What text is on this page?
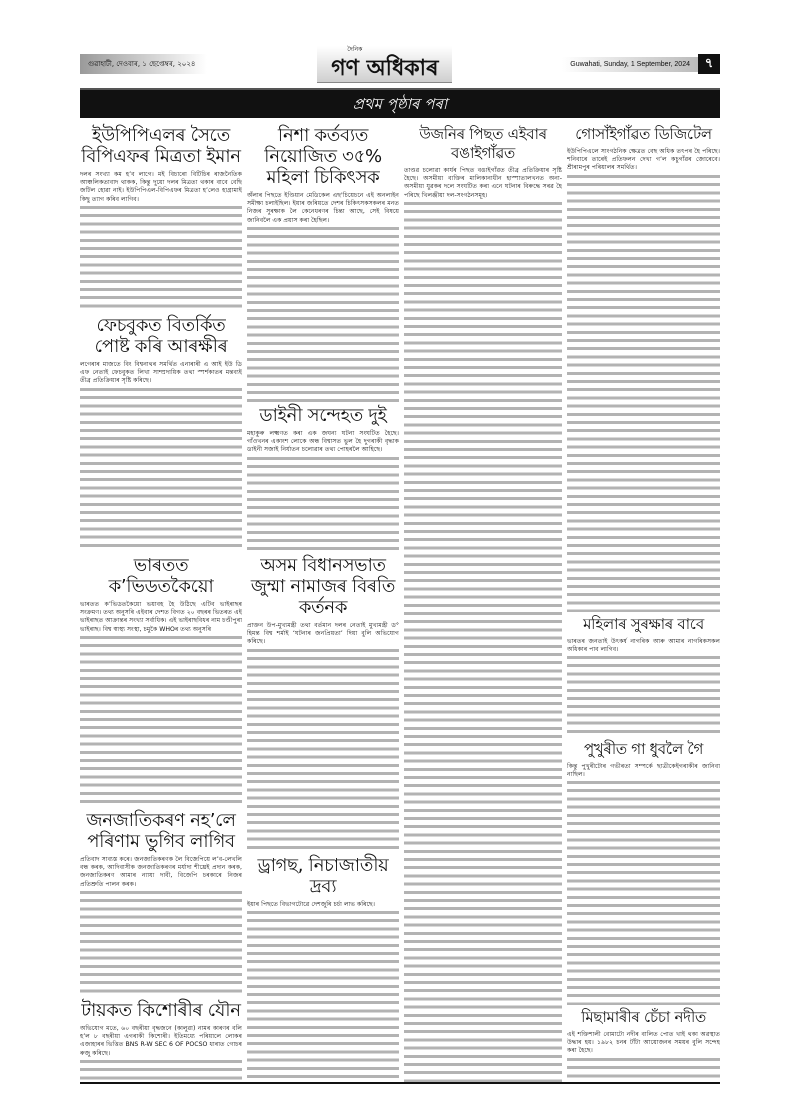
গুৱাহাটী, দেওবাৰ, ১ ছেপ্তেম্বৰ, ২০২৪
দৈনিক
গণ অধিকাৰ	Guwahati, Sunday, 1 September, 2024	৭
প্ৰথম পৃষ্ঠাৰ পৰা
ইউপিপিএলৰ সৈতে বিপিএফৰ মিত্ৰতা ইমান

দলৰ সংখ্যা কম হ’ব লাগে। মই বিচাৰো বিটিচিৰ ৰাজনৈতিক আঞ্চলিকতাবাদ থাকক, কিন্তু দুয়ো দলৰ মিত্ৰতা থকাৰ বাবে বেছি জটিল হোৱা নাই। ইউপিপিএল-বিপিএফৰ মিত্ৰতা হ’লেও হাগ্ৰামাই কিছু ত্যাগ কৰিব লাগিব।

ফেচবুকত বিতৰ্কিত পোষ্ট কৰি আৰক্ষীৰ

লগেৰাৰ মাজতে বিং বিশ্বনাথৰ সমৰ্থিত এনাৰাৰী এ আই ইউ ডি এফ নেতাই ফেচবুকত লিখা সাম্প্ৰদায়িক তথা স্পৰ্শকাতৰ মন্তব্যই তীব্ৰ প্ৰতিক্ৰিয়াৰ সৃষ্টি কৰিছে।

ভাৰতত ক’ভিডতকৈয়ো

ভাৰতত ক’ভিডতকৈয়ো ভয়াবহ হৈ উঠিছে এটিব ভাইৰাছৰ সংক্ৰমণ। তথ্য অনুসৰি এইবাৰ দেশত বিগত ২০ বছৰৰ ভিতৰত এই ভাইৰাছত আক্ৰান্তৰ সংখ্যা সৰ্বাধিক। এই ভাইৰাছবিধৰ নাম চণ্ডীপুৰা ভাইৰাছ। বিশ্ব স্বাস্থ্য সংস্থা, চমুকৈ WHOৰ তথ্য অনুসৰি

জনজাতিকৰণ নহ’লে পৰিণাম ভুগিব লাগিব

প্ৰতিবাদ সাব্যস্ত কৰে। জনজাতিকৰণক লৈ বিজেপিয়ে ল’ব-লেখলি বন্ধ কৰক, আদিবাসীক জনজাতিকৰণৰ মৰ্যাদা শীঘ্ৰেই প্ৰদান কৰক, জনজাতিকৰণ আমাৰ ন্যায্য দাবী, বিজেপি চৰকাৰে নিজৰ প্ৰতিশ্ৰুতি পালন কৰক।

টায়কত কিশোৰীৰ যৌন

অভিযোগ মতে, ৬০ বছৰীয়া বৃদ্ধজনে (কালুৱা) নামৰ কাৰণৰ বলি হ’ল ৮ বছৰীয়া এগৰাকী কিশোৰী। ইতিমধ্যে পৰিয়ালে লোকৰ এজাহাৰৰ ভিত্তিত BNS R-W SEC 6 OF POCSO ধাৰাত গোচৰ ৰুজু কৰিছে।

নিশা কৰ্তব্যত নিয়োজিত ৩৫% মহিলা চিকিৎসক

অঁলাৰ পিছতে ইণ্ডিয়ান মেডিকেল এছ'চিয়েচনে এই অনলাইন সমীক্ষা চলাইছিল। ইয়াৰ জৰিয়তে দেশৰ চিকিৎসকসকলৰ মনত নিজৰ সুৰক্ষাক লৈ কেনেধৰণৰ চিন্তা আছে, সেই বিষয়ে জানিবলৈ এক প্ৰয়াস কৰা হৈছিল।

ডাইনী সন্দেহত দুই

মহাকুৰু লক্ষ্মণত কৰা এক জঘন্য ঘটনা সংঘটিত হৈছে। গাঁওখনৰ একাংশ লোকে অন্ধ বিশ্বাসত ভুল হৈ দুগৰাকী বৃদ্ধাক ডাইনী সজাই নিৰ্যাতন চলোৱাৰ তথ্য পোহৰলৈ আহিছে।

অসম বিধানসভাত জুম্মা নামাজৰ বিৰতি কৰ্তনক

প্ৰাক্তন উপ-মুখ্যমন্ত্ৰী তথা বৰ্তমান দলৰ নেতাই মুখ্যমন্ত্ৰী ড° হিমন্ত বিশ্ব শৰ্মাই ‘ঘটনাৰ জনপ্ৰিয়তা’ দিয়া বুলি অভিযোগ কৰিছে।

ড্ৰাগছ, নিচাজাতীয় দ্ৰব্য

ইয়াৰ পিছতে বিভাগটোৱে দেশজুৰি চৰ্চা লাভ কৰিছে।

উজনিৰ পিছত এইবাৰ বঙাইগাঁৱত

তাণ্ডৱ চলোৱা কাৰ্যৰ পিছত বঙাইগাঁৱত তীব্ৰ প্ৰতিক্ৰিয়াৰ সৃষ্টি হৈছে। অসমীয়া ব্যক্তিৰ মালিকানাধীন হাস্পাতালখনত অনা-অসমীয়া যুৱকৰ দলে সংঘটিত কৰা এনে ঘটনাৰ বিৰুদ্ধে সৰৱ হৈ পৰিছে খিলঞ্জীয়া দল-সংগঠনসমূহ।

গোসাঁইগাঁৱত ডিজিটেল

ইউপিপিএলে সাংগঠনিক ক্ষেত্ৰত বেছ অধিক তৎপৰ হৈ পৰিছে। শনিবাৰে তাৰেই প্ৰতিফলন দেখা গ’ল কচুগাঁৱৰ জোৰেবে। শ্ৰীৰামপুৰ পৰিয়ালৰ সমৰ্থিত।

মহিলাৰ সুৰক্ষাৰ বাবে

ভাৰতৰ জনতাই উৎকৰ্ষ নাগৰিক আৰু আমাৰ নাগৰিকসকল অধিকাৰ পাব লাগিব।

পুখুৰীত গা ধুবলৈ গৈ

কিন্তু পুখুৰীটোৰ গভীৰতা সম্পৰ্কে ছাত্ৰীকেইগৰাকীৰ জানিবা নাছিল।

মিছামাৰীৰ চেঁচা নদীত

এই শক্তিশালী বোমাটো নদীৰ বালিত পোত খাই থকা অৱস্থাত উদ্ধাৰ হয়। ১৯৮২ চনৰ টাঁটা আয়োজনৰ সময়ৰ বুলি সন্দেহ কৰা হৈছে।
